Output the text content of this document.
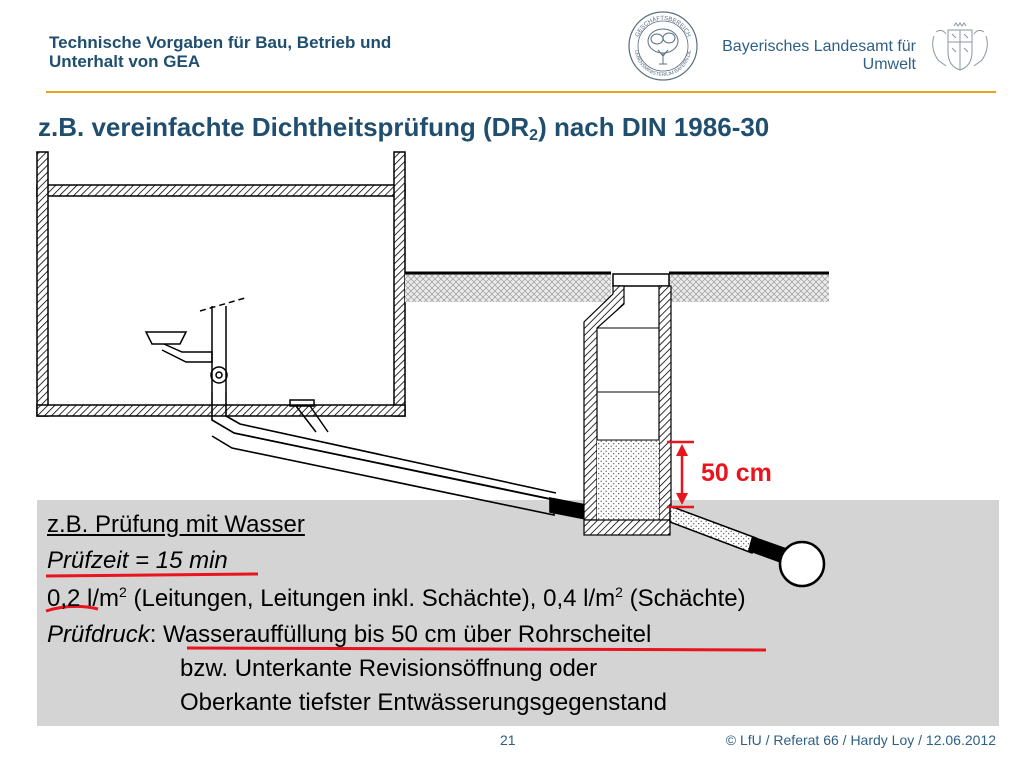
Technische Vorgaben für Bau, Betrieb und
Unterhalt von GEA
GESCHÄFTSBEREICH
LEBENSMINISTERIUM BAYERN.DE	Bayerisches Landesamt für
Umwelt
z.B. vereinfachte Dichtheitsprüfung $(DR_2)$ nach DIN 1986-30
50 cm
z.B. Prüfung mit Wasser
Prüfzeit = 15 min
0,2 $l/m^2$ (Leitungen, Leitungen inkl. Schächte), 0,4 $l/m^2$ (Schächte)
Prüfdruck: Wasserauffüllung bis 50 cm über Rohrscheitel
bzw. Unterkante Revisionsöffnung oder
Oberkante tiefster Entwässerungsgegenstand
21	© LfU / Referat 66 / Hardy Loy / 12.06.2012
